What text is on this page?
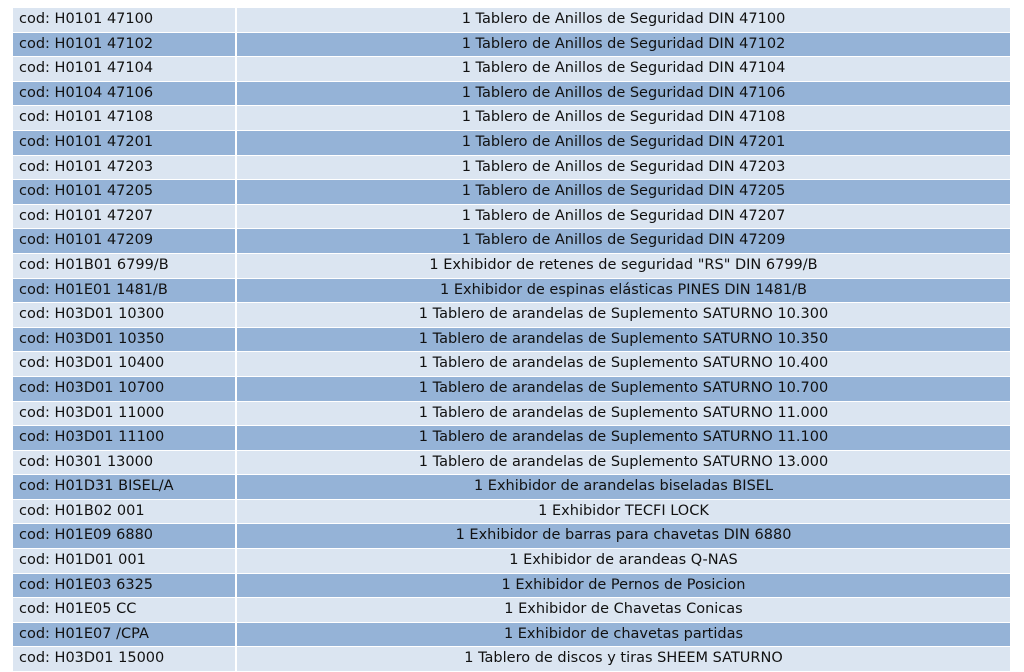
cod: H0101 47100	1 Tablero de Anillos de Seguridad DIN 47100
cod: H0101 47102	1 Tablero de Anillos de Seguridad DIN 47102
cod: H0101 47104	1 Tablero de Anillos de Seguridad DIN 47104
cod: H0104 47106	1 Tablero de Anillos de Seguridad DIN 47106
cod: H0101 47108	1 Tablero de Anillos de Seguridad DIN 47108
cod: H0101 47201	1 Tablero de Anillos de Seguridad DIN 47201
cod: H0101 47203	1 Tablero de Anillos de Seguridad DIN 47203
cod: H0101 47205	1 Tablero de Anillos de Seguridad DIN 47205
cod: H0101 47207	1 Tablero de Anillos de Seguridad DIN 47207
cod: H0101 47209	1 Tablero de Anillos de Seguridad DIN 47209
cod: H01B01 6799/B	1 Exhibidor de retenes de seguridad "RS" DIN 6799/B
cod: H01E01 1481/B	1 Exhibidor de espinas elásticas PINES DIN 1481/B
cod: H03D01 10300	1 Tablero de arandelas de Suplemento SATURNO 10.300
cod: H03D01 10350	1 Tablero de arandelas de Suplemento SATURNO 10.350
cod: H03D01 10400	1 Tablero de arandelas de Suplemento SATURNO 10.400
cod: H03D01 10700	1 Tablero de arandelas de Suplemento SATURNO 10.700
cod: H03D01 11000	1 Tablero de arandelas de Suplemento SATURNO 11.000
cod: H03D01 11100	1 Tablero de arandelas de Suplemento SATURNO 11.100
cod: H0301 13000	1 Tablero de arandelas de Suplemento SATURNO 13.000
cod: H01D31 BISEL/A	1 Exhibidor de arandelas biseladas BISEL
cod: H01B02 001	1 Exhibidor TECFI LOCK
cod: H01E09 6880	1 Exhibidor de barras para chavetas DIN 6880
cod: H01D01 001	1 Exhibidor de arandeas Q-NAS
cod: H01E03 6325	1 Exhibidor de Pernos de Posicion
cod: H01E05 CC	1 Exhibidor de Chavetas Conicas
cod: H01E07 /CPA	1 Exhibidor de chavetas partidas
cod: H03D01 15000	1 Tablero de discos y tiras SHEEM SATURNO
